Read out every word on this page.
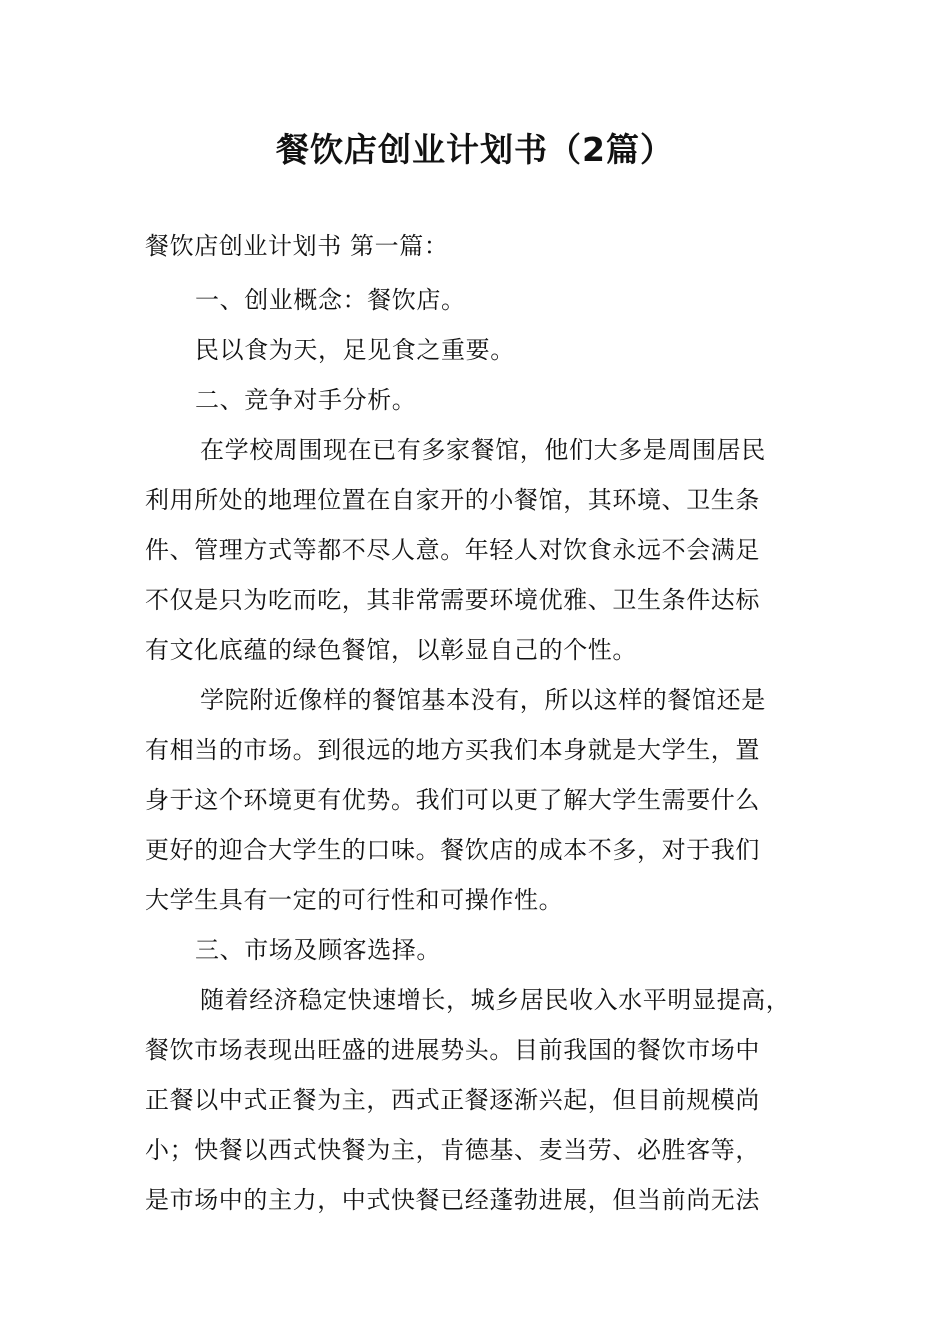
餐饮店创业计划书（2篇）
餐饮店创业计划书 第一篇：
一、创业概念：餐饮店。
民以食为天，足见食之重要。
二、竞争对手分析。
在学校周围现在已有多家餐馆，他们大多是周围居民
利用所处的地理位置在自家开的小餐馆，其环境、卫生条
件、管理方式等都不尽人意。年轻人对饮食永远不会满足
不仅是只为吃而吃，其非常需要环境优雅、卫生条件达标
有文化底蕴的绿色餐馆，以彰显自己的个性。
学院附近像样的餐馆基本没有，所以这样的餐馆还是
有相当的市场。到很远的地方买我们本身就是大学生，置
身于这个环境更有优势。我们可以更了解大学生需要什么
更好的迎合大学生的口味。餐饮店的成本不多，对于我们
大学生具有一定的可行性和可操作性。
三、市场及顾客选择。
随着经济稳定快速增长，城乡居民收入水平明显提高，
餐饮市场表现出旺盛的进展势头。目前我国的餐饮市场中
正餐以中式正餐为主，西式正餐逐渐兴起，但目前规模尚
小；快餐以西式快餐为主，肯德基、麦当劳、必胜客等，
是市场中的主力，中式快餐已经蓬勃进展，但当前尚无法
